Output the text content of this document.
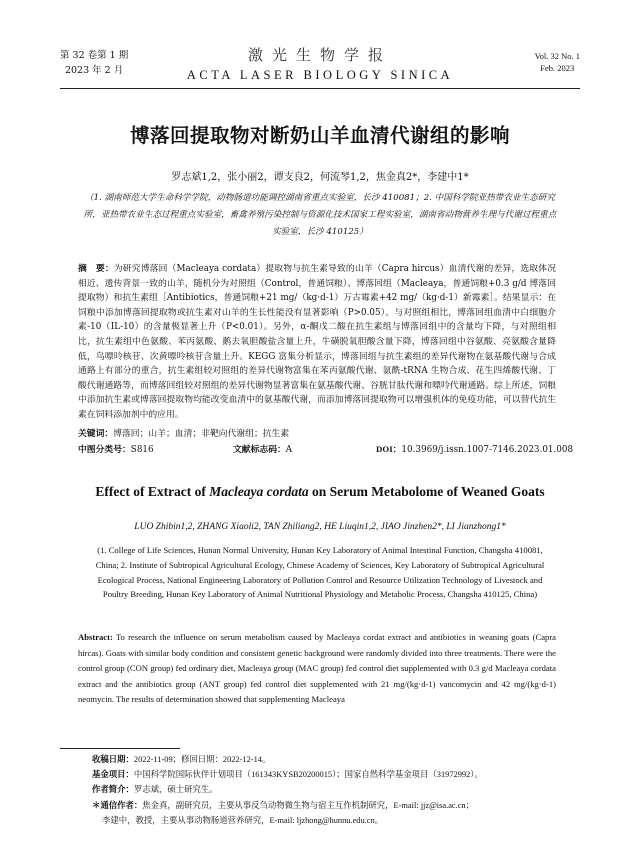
第 32 卷第 1 期
2023 年 2 月
激光生物学报
ACTA LASER BIOLOGY SINICA
Vol. 32 No. 1
Feb. 2023
博落回提取物对断奶山羊血清代谢组的影响
罗志斌1,2，张小丽2，谭支良2，何流琴1,2，焦金真2*，李建中1*
（1. 湖南师范大学生命科学学院，动物肠道功能调控湖南省重点实验室，长沙 410081；2. 中国科学院亚热带农业生态研究所，亚热带农业生态过程重点实验室，畜禽养殖污染控制与资源化技术国家工程实验室，湖南省动物营养生理与代谢过程重点实验室，长沙 410125）
摘　要：为研究博落回（Macleaya cordata）提取物与抗生素导致的山羊（Capra hircus）血清代谢的差异，选取体况相近、遗传背景一致的山羊，随机分为对照组（Control，普通饲粮）、博落回组（Macleaya，普通饲粮+0.3 g/d 博落回提取物）和抗生素组［Antibiotics，普通饲粮+21 mg/（kg·d-1）万古霉素+42 mg/（kg·d-1）新霉素］。结果显示：在饲粮中添加博落回提取物或抗生素对山羊的生长性能没有显著影响（P>0.05）。与对照组相比，博落回组血清中白细胞介素-10（IL-10）的含量极显著上升（P<0.01）。另外，α-酮戊二酸在抗生素组与博落回组中的含量均下降，与对照组相比，抗生素组中色氨酸、苯丙氨酸、鹅去氧胆酸盐含量上升，牛磺脱氧胆酸含量下降，博落回组中谷氨酸、亮氨酸含量降低，鸟嘌呤核苷、次黄嘌呤核苷含量上升。KEGG 富集分析显示，博落回组与抗生素组的差异代谢物在氨基酸代谢与合成通路上有部分的重合，抗生素组较对照组的差异代谢物富集在苯丙氨酸代谢、氨酰-tRNA 生物合成、花生四烯酸代谢、丁酸代谢通路等，而博落回组较对照组的差异代谢物显著富集在氨基酸代谢、谷胱甘肽代谢和嘌呤代谢通路。综上所述，饲粮中添加抗生素或博落回提取物均能改变血清中的氨基酸代谢，而添加博落回提取物可以增强机体的免疫功能，可以替代抗生素在饲料添加剂中的应用。
关键词：博落回；山羊；血清；非靶向代谢组；抗生素
中图分类号：S816	文献标志码：A	DOI：10.3969/j.issn.1007-7146.2023.01.008
Effect of Extract of Macleaya cordata on Serum Metabolome of Weaned Goats
LUO Zhibin1,2, ZHANG Xiaoli2, TAN Zhiliang2, HE Liuqin1,2, JIAO Jinzhen2*, LI Jianzhong1*
(1. College of Life Sciences, Hunan Normal University, Hunan Key Laboratory of Animal Intestinal Function, Changsha 410081, China; 2. Institute of Subtropical Agricultural Ecology, Chinese Academy of Sciences, Key Laboratory of Subtropical Agricultural Ecological Process, National Engineering Laboratory of Pollution Control and Resource Utilization Technology of Livestock and Poultry Breeding, Hunan Key Laboratory of Animal Nutritional Physiology and Metabolic Process, Changsha 410125, China)
Abstract: To research the influence on serum metabolism caused by Macleaya cordat extract and antibiotics in weaning goats (Capra hircas). Goats with similar body condition and consistent genetic background were randomly divided into three treatments. There were the control group (CON group) fed ordinary diet, Macleaya group (MAC group) fed control diet supplemented with 0.3 g/d Macleaya cordata extract and the antibiotics group (ANT group) fed control diet supplemented with 21 mg/(kg·d-1) vancomycin and 42 mg/(kg·d-1) neomycin. The results of determination showed that supplementing Macleaya
收稿日期：2022-11-09；修回日期：2022-12-14。
基金项目：中国科学院国际伙伴计划项目（161343KYSB20200015）；国家自然科学基金项目（31972992）。
作者简介：罗志斌，硕士研究生。
＊通信作者：焦金真，副研究员，主要从事反刍动物微生物与宿主互作机制研究，E-mail: jjz@isa.ac.cn；
李建中，教授，主要从事动物肠道营养研究，E-mail: ljzhong@hunnu.edu.cn。
